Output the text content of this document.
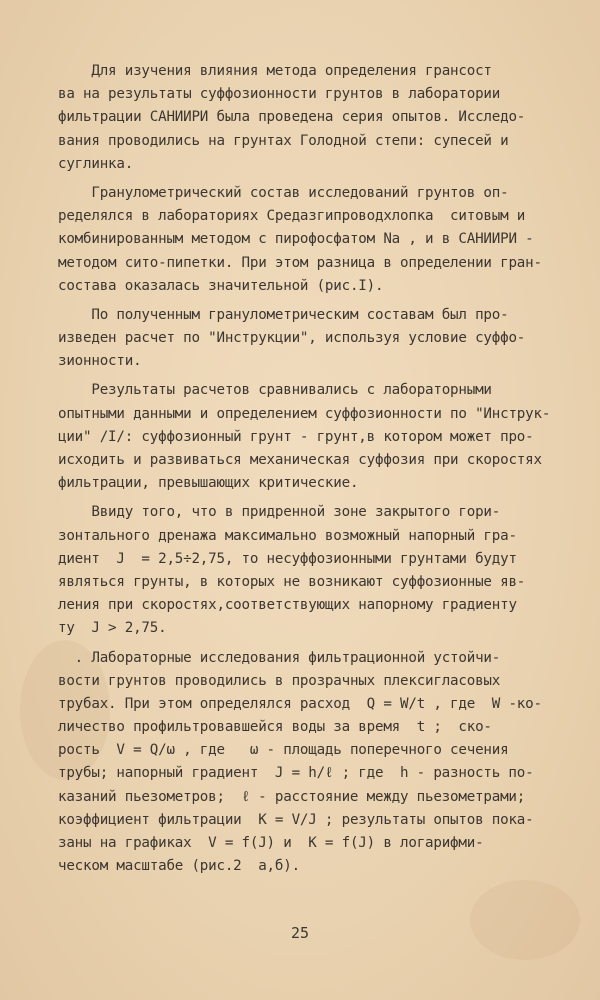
Для изучения влияния метода определения грансост
ва на результаты суффозионности грунтов в лаборатории
фильтрации САНИИРИ была проведена серия опытов. Исследо-
вания проводились на грунтах Голодной степи: супесей и
суглинка.
Гранулометрический состав исследований грунтов оп-
ределялся в лабораториях Средазгипроводхлопка  ситовым и
комбинированным методом с пирофосфатом Na , и в САНИИРИ -
методом сито-пипетки. При этом разница в определении гран-
состава оказалась значительной (рис.I).
По полученным гранулометрическим составам был про-
изведен расчет по "Инструкции", используя условие суффо-
зионности.
Результаты расчетов сравнивались с лабораторными
опытными данными и определением суффозионности по "Инструк-
ции" /I/: суффозионный грунт - грунт,в котором может про-
исходить и развиваться механическая суффозия при скоростях
фильтрации, превышающих критические.
Ввиду того, что в придренной зоне закрытого гори-
зонтального дренажа максимально возможный напорный гра-
диент  J  = 2,5÷2,75, то несуффозионными грунтами будут
являться грунты, в которых не возникают суффозионные яв-
ления при скоростях,соответствующих напорному градиенту
ту  J > 2,75.
. Лабораторные исследования фильтрационной устойчи-
вости грунтов проводились в прозрачных плексигласовых
трубах. При этом определялся расход  Q = W/t , где  W -ко-
личество профильтровавшейся воды за время  t ;  ско-
рость  V = Q/ω , где   ω - площадь поперечного сечения
трубы; напорный градиент  J = h/ℓ ; где  h - разность по-
казаний пьезометров;  ℓ - расстояние между пьезометрами;
коэффициент фильтрации  K = V/J ; результаты опытов пока-
заны на графиках  V = f(J) и  K = f(J) в логарифми-
ческом масштабе (рис.2  а,б).
25
